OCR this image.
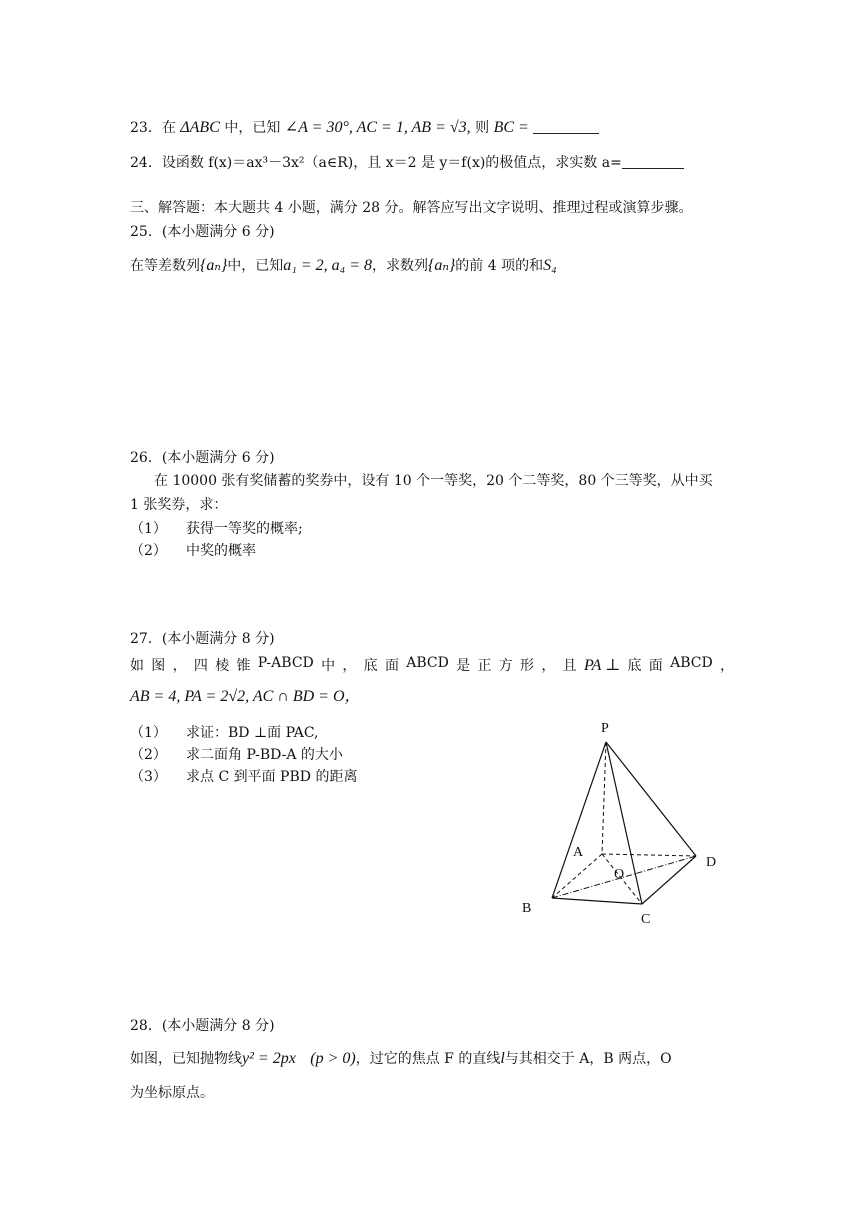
23．在 ΔABC 中，已知 ∠A = 30°, AC = 1, AB = √3, 则 BC =
24．设函数 f(x)＝ax³－3x²（a∈R)，且 x＝2 是 y＝f(x)的极值点，求实数 a=
三、解答题：本大题共 4 小题，满分 28 分。解答应写出文字说明、推理过程或演算步骤。
25．(本小题满分 6 分)
在等差数列{aₙ}中，已知a₁ = 2, a₄ = 8，求数列{aₙ}的前 4 项的和S₄
26．(本小题满分 6 分)
在 10000 张有奖储蓄的奖券中，设有 10 个一等奖，20 个二等奖，80 个三等奖，从中买
1 张奖券，求：
（1） 获得一等奖的概率;
（2） 中奖的概率
27．(本小题满分 8 分)
如 图 ， 四 棱 锥 P-ABCD 中 ， 底 面 ABCD 是 正 方 形 ， 且 PA ⊥ 底 面 ABCD ，
AB = 4, PA = 2√2, AC ∩ BD = O，
（1） 求证：BD ⊥面 PAC,
（2） 求二面角 P-BD-A 的大小
（3） 求点 C 到平面 PBD 的距离
P
A
O
D
B
C
28．(本小题满分 8 分)
如图，已知抛物线y² = 2px (p > 0)，过它的焦点 F 的直线l与其相交于 A，B 两点，O
为坐标原点。
